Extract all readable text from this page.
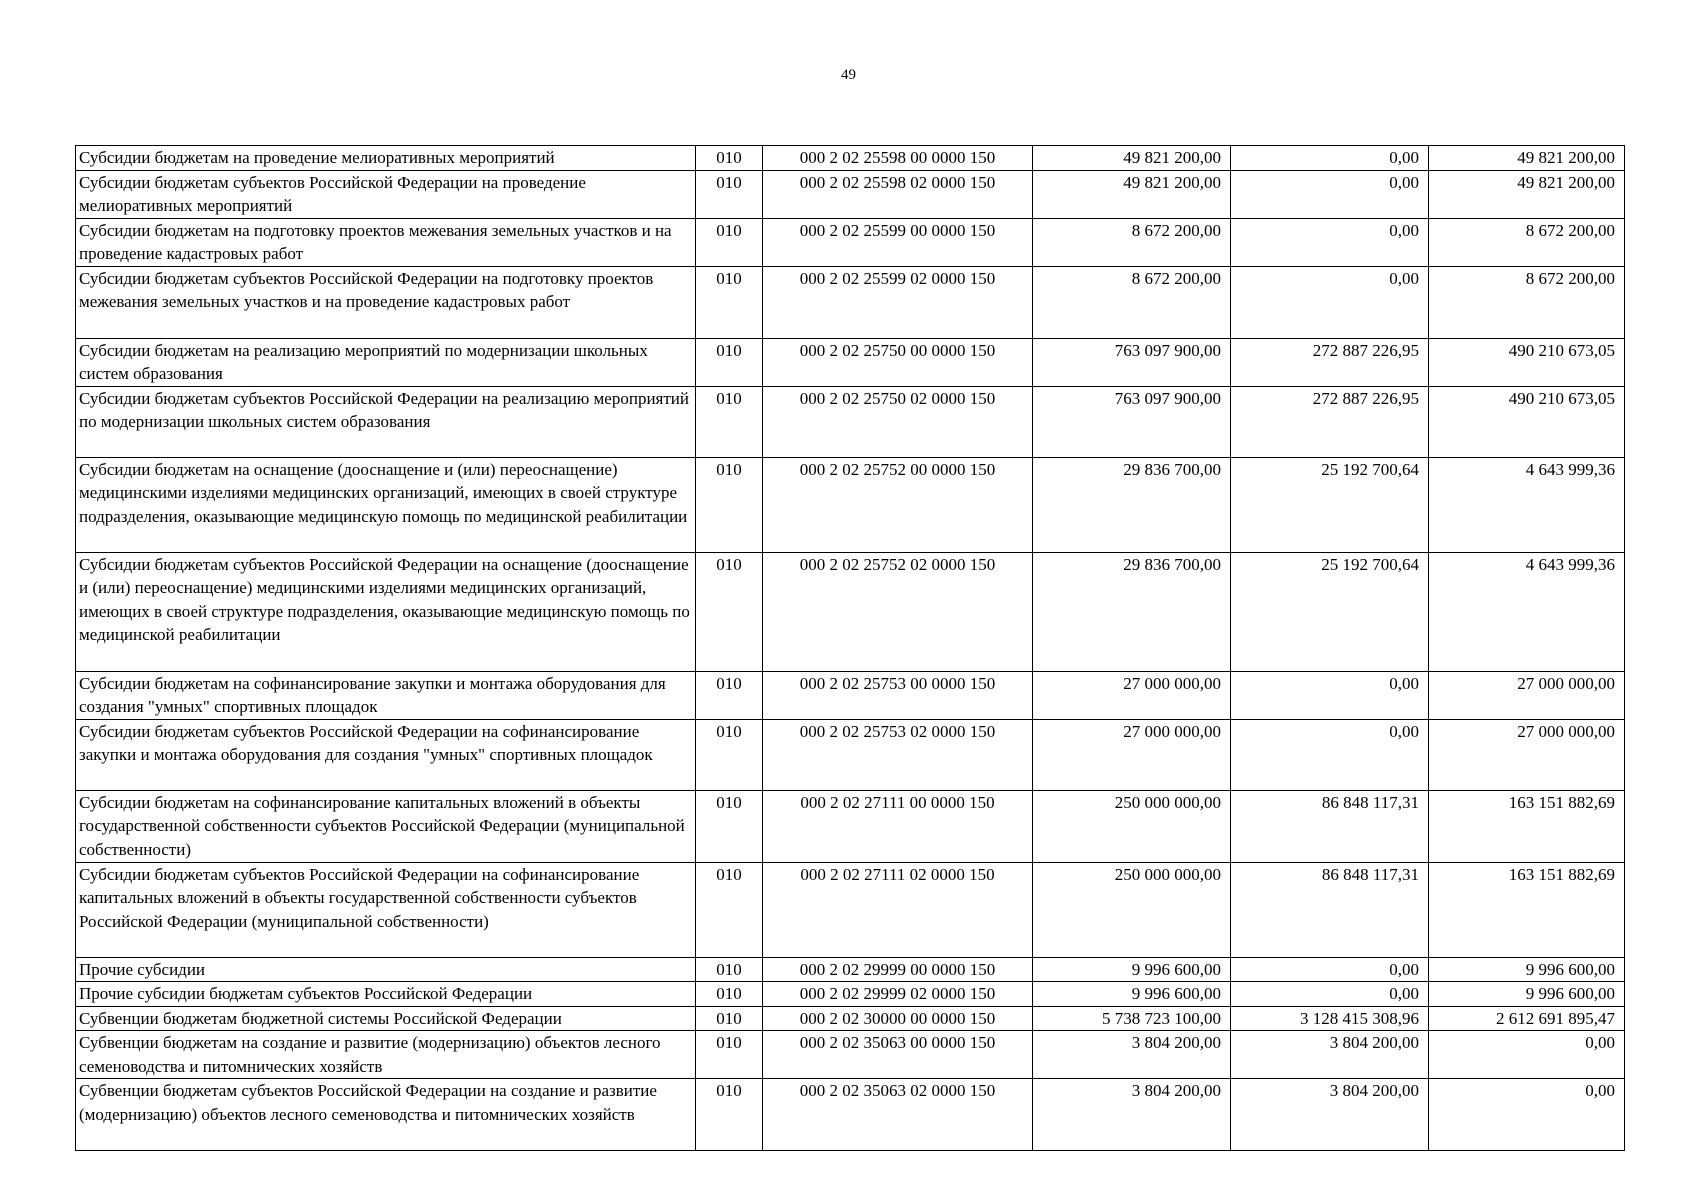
49
Субсидии бюджетам на проведение мелиоративных мероприятий	010	000 2 02 25598 00 0000 150	49 821 200,00	0,00	49 821 200,00
Субсидии бюджетам субъектов Российской Федерации на проведение мелиоративных мероприятий	010	000 2 02 25598 02 0000 150	49 821 200,00	0,00	49 821 200,00
Субсидии бюджетам на подготовку проектов межевания земельных участков и на проведение кадастровых работ	010	000 2 02 25599 00 0000 150	8 672 200,00	0,00	8 672 200,00
Субсидии бюджетам субъектов Российской Федерации на подготовку проектов межевания земельных участков и на проведение кадастровых работ	010	000 2 02 25599 02 0000 150	8 672 200,00	0,00	8 672 200,00
Субсидии бюджетам на реализацию мероприятий по модернизации школьных систем образования	010	000 2 02 25750 00 0000 150	763 097 900,00	272 887 226,95	490 210 673,05
Субсидии бюджетам субъектов Российской Федерации на реализацию мероприятий по модернизации школьных систем образования	010	000 2 02 25750 02 0000 150	763 097 900,00	272 887 226,95	490 210 673,05
Субсидии бюджетам на оснащение (дооснащение и (или) переоснащение) медицинскими изделиями медицинских организаций, имеющих в своей структуре подразделения, оказывающие медицинскую помощь по медицинской реабилитации	010	000 2 02 25752 00 0000 150	29 836 700,00	25 192 700,64	4 643 999,36
Субсидии бюджетам субъектов Российской Федерации на оснащение (дооснащение и (или) переоснащение) медицинскими изделиями медицинских организаций, имеющих в своей структуре подразделения, оказывающие медицинскую помощь по медицинской реабилитации	010	000 2 02 25752 02 0000 150	29 836 700,00	25 192 700,64	4 643 999,36
Субсидии бюджетам на софинансирование закупки и монтажа оборудования для создания "умных" спортивных площадок	010	000 2 02 25753 00 0000 150	27 000 000,00	0,00	27 000 000,00
Субсидии бюджетам субъектов Российской Федерации на софинансирование закупки и монтажа оборудования для создания "умных" спортивных площадок	010	000 2 02 25753 02 0000 150	27 000 000,00	0,00	27 000 000,00
Субсидии бюджетам на софинансирование капитальных вложений в объекты государственной собственности субъектов Российской Федерации (муниципальной собственности)	010	000 2 02 27111 00 0000 150	250 000 000,00	86 848 117,31	163 151 882,69
Субсидии бюджетам субъектов Российской Федерации на софинансирование капитальных вложений в объекты государственной собственности субъектов Российской Федерации (муниципальной собственности)	010	000 2 02 27111 02 0000 150	250 000 000,00	86 848 117,31	163 151 882,69
Прочие субсидии	010	000 2 02 29999 00 0000 150	9 996 600,00	0,00	9 996 600,00
Прочие субсидии бюджетам субъектов Российской Федерации	010	000 2 02 29999 02 0000 150	9 996 600,00	0,00	9 996 600,00
Субвенции бюджетам бюджетной системы Российской Федерации	010	000 2 02 30000 00 0000 150	5 738 723 100,00	3 128 415 308,96	2 612 691 895,47
Субвенции бюджетам на создание и развитие (модернизацию) объектов лесного семеноводства и питомнических хозяйств	010	000 2 02 35063 00 0000 150	3 804 200,00	3 804 200,00	0,00
Субвенции бюджетам субъектов Российской Федерации на создание и развитие (модернизацию) объектов лесного семеноводства и питомнических хозяйств	010	000 2 02 35063 02 0000 150	3 804 200,00	3 804 200,00	0,00
